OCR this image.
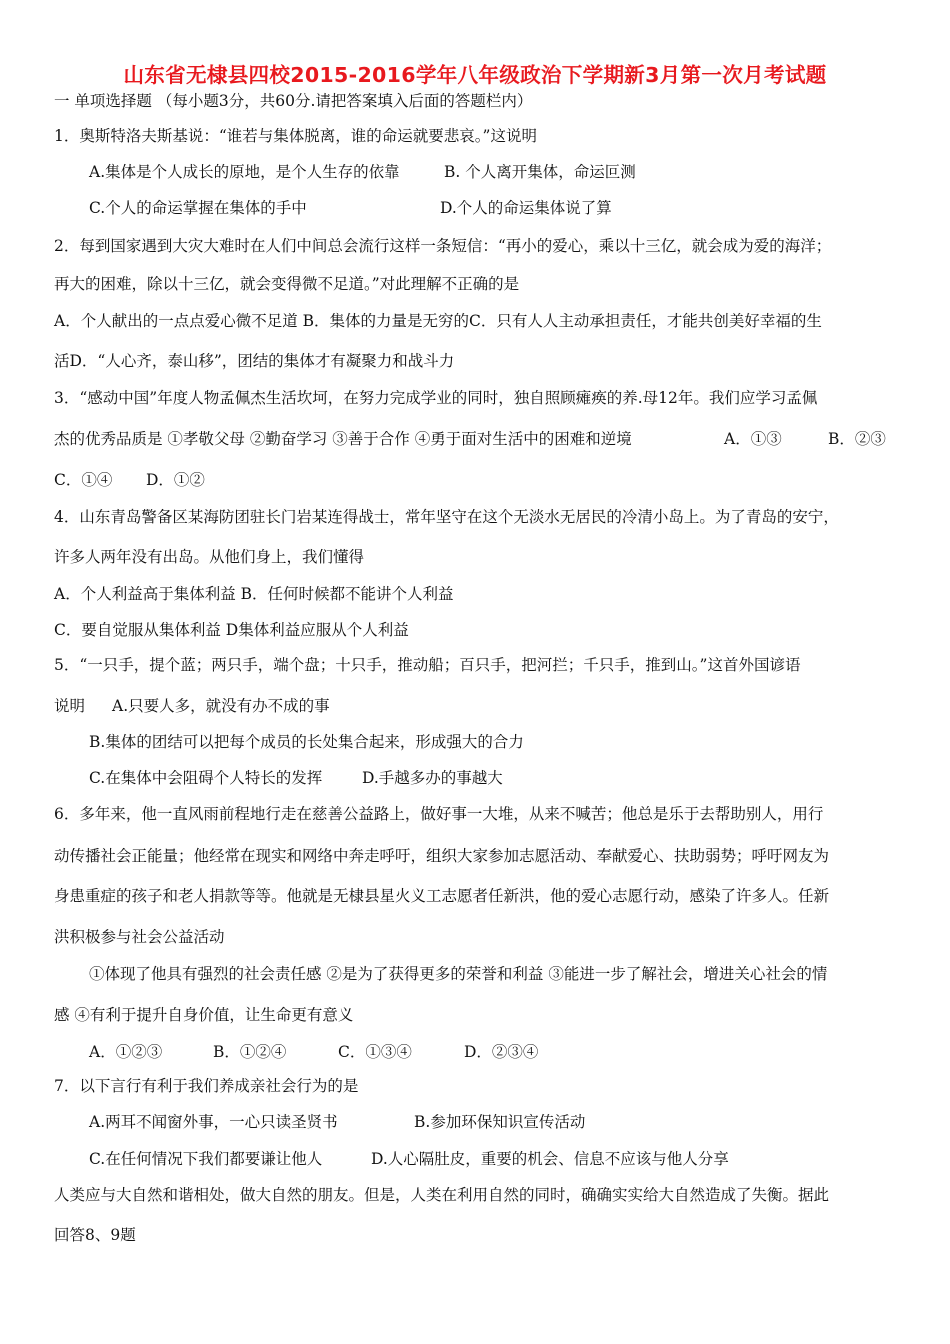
山东省无棣县四校2015-2016学年八年级政治下学期新3月第一次月考试题
一 单项选择题 （每小题3分，共60分.请把答案填入后面的答题栏内）
1．奥斯特洛夫斯基说：“谁若与集体脱离，谁的命运就要悲哀。”这说明
A.集体是个人成长的原地，是个人生存的依靠	B. 个人离开集体，命运叵测
C.个人的命运掌握在集体的手中	D.个人的命运集体说了算
2．每到国家遇到大灾大难时在人们中间总会流行这样一条短信：“再小的爱心，乘以十三亿，就会成为爱的海洋；
再大的困难，除以十三亿，就会变得微不足道。”对此理解不正确的是
A．个人献出的一点点爱心微不足道 B．集体的力量是无穷的C．只有人人主动承担责任，才能共创美好幸福的生
活D．“人心齐，泰山移”，团结的集体才有凝聚力和战斗力
3．“感动中国”年度人物孟佩杰生活坎坷，在努力完成学业的同时，独自照顾瘫痪的养.母12年。我们应学习孟佩
杰的优秀品质是 ①孝敬父母 ②勤奋学习 ③善于合作 ④勇于面对生活中的困难和逆境	A．①③	B．②③
C．①④ D．①②
4．山东青岛警备区某海防团驻长门岩某连得战士，常年坚守在这个无淡水无居民的冷清小岛上。为了青岛的安宁，
许多人两年没有出岛。从他们身上，我们懂得
A．个人利益高于集体利益 B．任何时候都不能讲个人利益
C．要自觉服从集体利益 D集体利益应服从个人利益
5．“一只手，提个蓝；两只手，端个盘；十只手，推动船；百只手，把河拦；千只手，推到山。”这首外国谚语
说明 A.只要人多，就没有办不成的事
B.集体的团结可以把每个成员的长处集合起来，形成强大的合力
C.在集体中会阻碍个人特长的发挥	D.手越多办的事越大
6．多年来，他一直风雨前程地行走在慈善公益路上，做好事一大堆，从来不喊苦；他总是乐于去帮助别人，用行
动传播社会正能量；他经常在现实和网络中奔走呼吁，组织大家参加志愿活动、奉献爱心、扶助弱势；呼吁网友为
身患重症的孩子和老人捐款等等。他就是无棣县星火义工志愿者任新洪，他的爱心志愿行动，感染了许多人。任新
洪积极参与社会公益活动
①体现了他具有强烈的社会责任感 ②是为了获得更多的荣誉和利益 ③能进一步了解社会，增进关心社会的情
感 ④有利于提升自身价值，让生命更有意义
A．①②③	B．①②④	C．①③④	D．②③④
7．以下言行有利于我们养成亲社会行为的是
A.两耳不闻窗外事，一心只读圣贤书	B.参加环保知识宣传活动
C.在任何情况下我们都要谦让他人	D.人心隔肚皮，重要的机会、信息不应该与他人分享
人类应与大自然和谐相处，做大自然的朋友。但是，人类在利用自然的同时，确确实实给大自然造成了失衡。据此
回答8、9题
